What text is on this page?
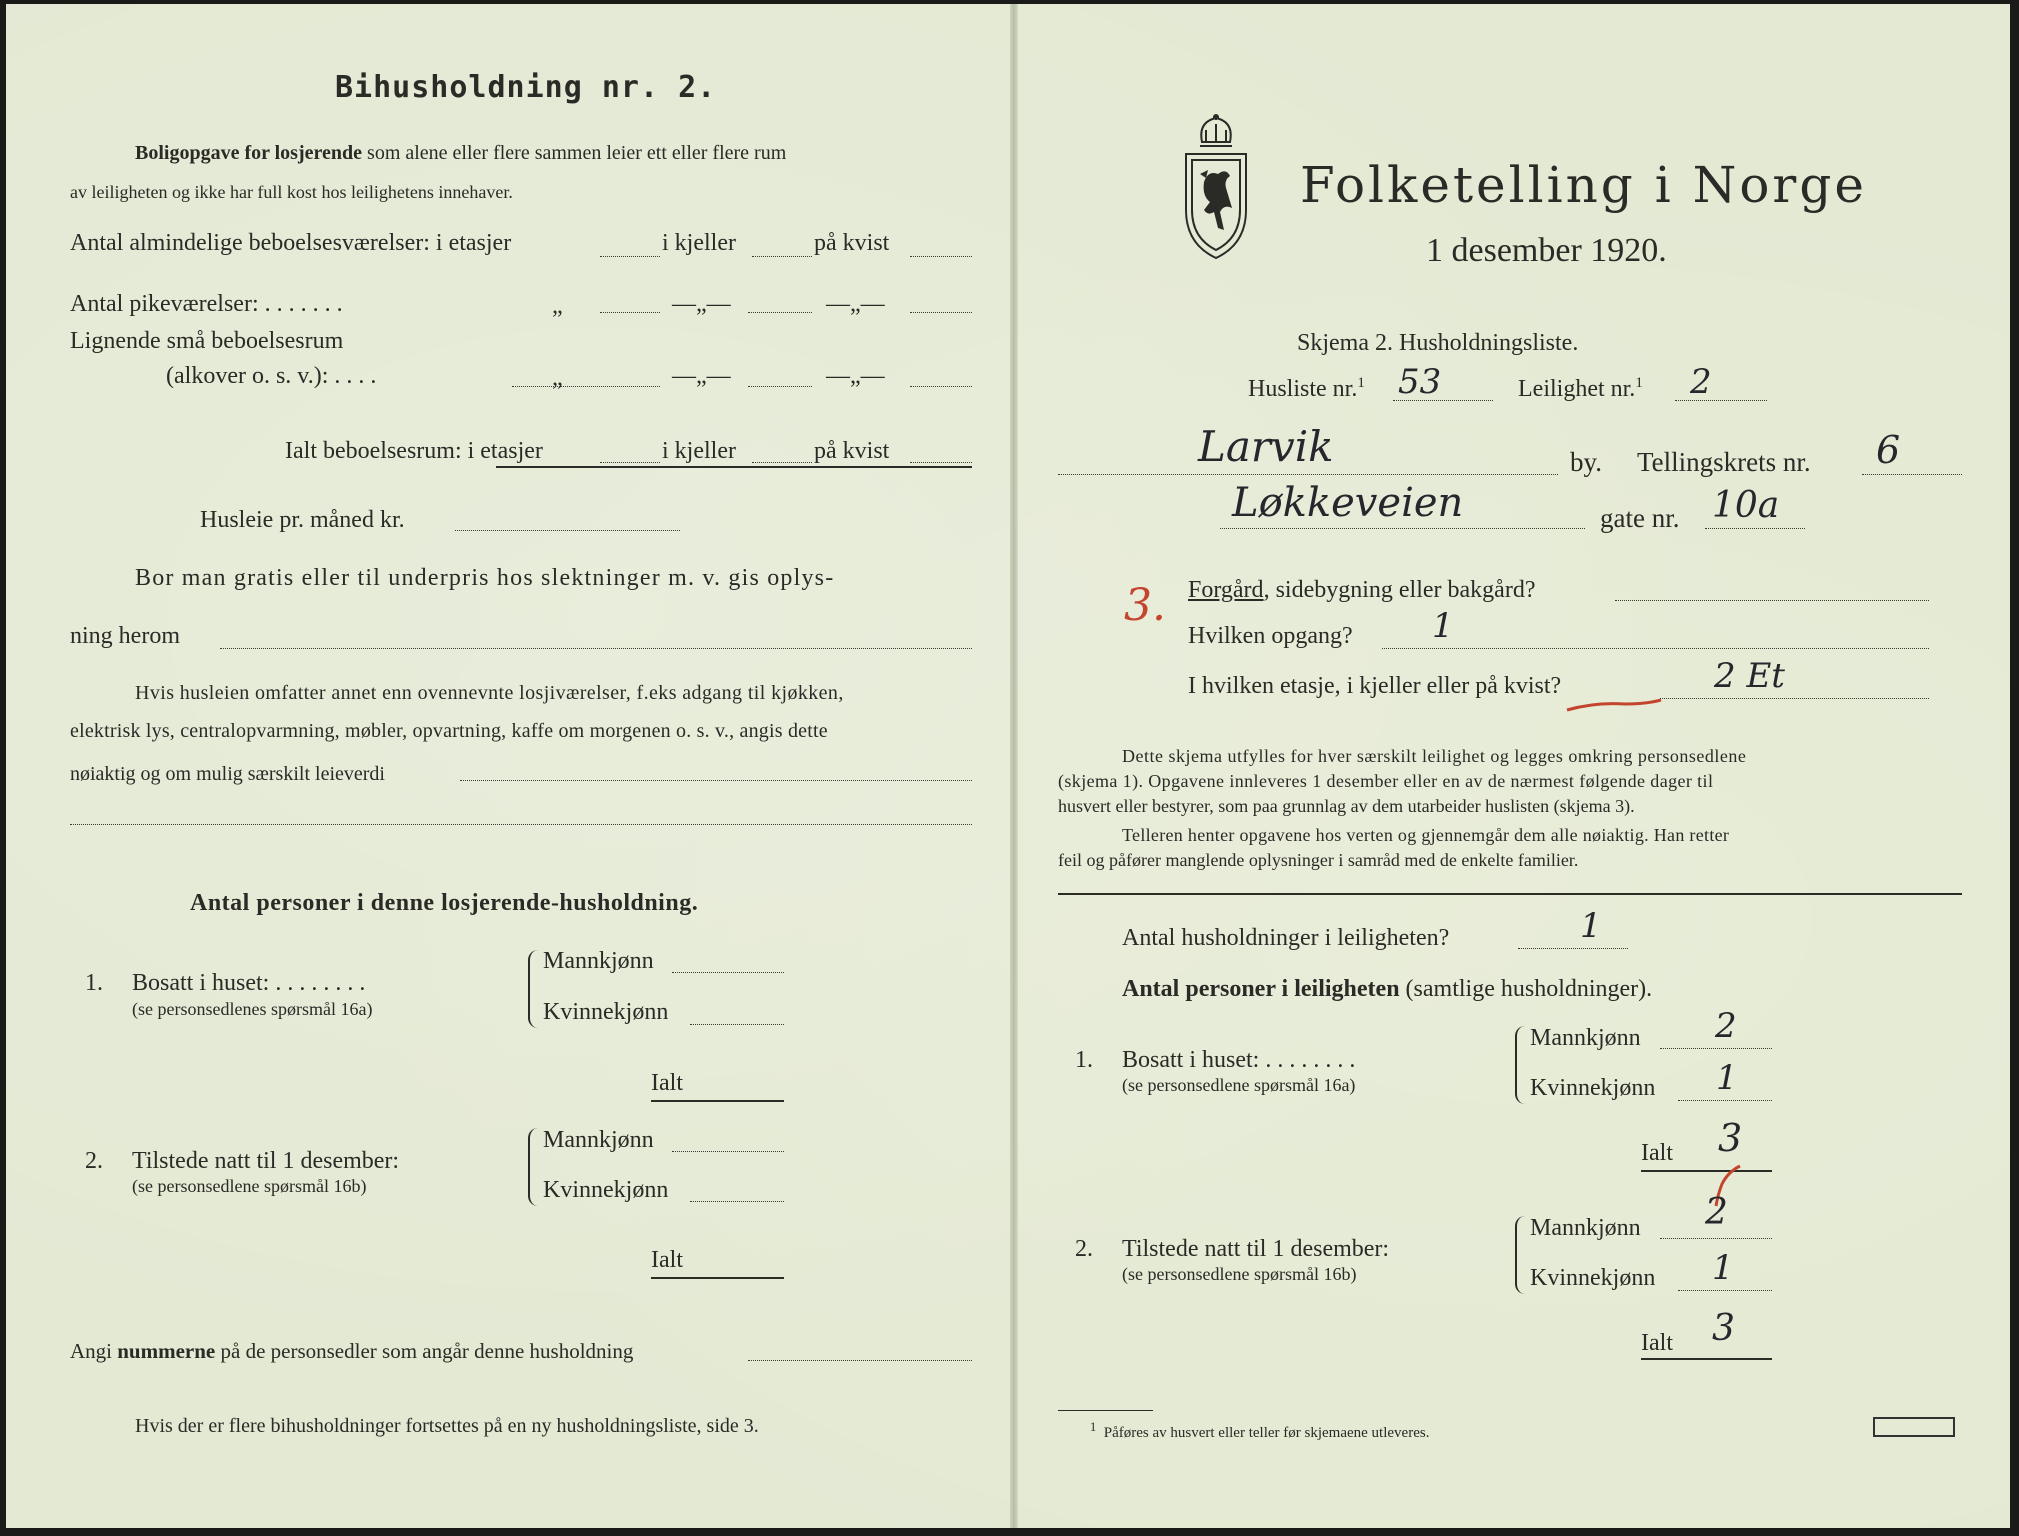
Bihusholdning nr. 2.
Boligopgave for losjerende som alene eller flere sammen leier ett eller flere rum
av leiligheten og ikke har full kost hos leilighetens innehaver.
Antal almindelige beboelsesværelser: i etasjer	i kjeller	på kvist
Antal pikeværelser: . . . . . . .	„	—„—	—„—
Lignende små beboelsesrum
(alkover o. s. v.): . . . .	„	—„—	—„—
Ialt beboelsesrum: i etasjer	i kjeller	på kvist
Husleie pr. måned kr.
Bor man gratis eller til underpris hos slektninger m. v. gis oplys-
ning herom
Hvis husleien omfatter annet enn ovennevnte losjiværelser, f.eks adgang til kjøkken,
elektrisk lys, centralopvarmning, møbler, opvartning, kaffe om morgenen o. s. v., angis dette
nøiaktig og om mulig særskilt leieverdi
Antal personer i denne losjerende-husholdning.
1. Bosatt i huset: . . . . . . . .
(se personsedlenes spørsmål 16a)
Mannkjønn
Kvinnekjønn
Ialt
2. Tilstede natt til 1 desember:
(se personsedlene spørsmål 16b)
Mannkjønn
Kvinnekjønn
Ialt
Angi nummerne på de personsedler som angår denne husholdning
Hvis der er flere bihusholdninger fortsettes på en ny husholdningsliste, side 3.
Folketelling i Norge
1 desember 1920.
Skjema 2. Husholdningsliste.
Husliste nr.$^1$ 53	Leilighet nr.$^1$ 2
Larvik	by. Tellingskrets nr. 6
Løkkeveien	gate nr. 10a
3. Forgård, sidebygning eller bakgård?
Hvilken opgang? 1
I hvilken etasje, i kjeller eller på kvist?	2 Et
Dette skjema utfylles for hver særskilt leilighet og legges omkring personsedlene
(skjema 1). Opgavene innleveres 1 desember eller en av de nærmest følgende dager til
husvert eller bestyrer, som paa grunnlag av dem utarbeider huslisten (skjema 3).
Telleren henter opgavene hos verten og gjennemgår dem alle nøiaktig. Han retter
feil og påfører manglende oplysninger i samråd med de enkelte familier.
Antal husholdninger i leiligheten?	1
Antal personer i leiligheten (samtlige husholdninger).
1. Bosatt i huset: . . . . . . . .
(se personsedlene spørsmål 16a)
Mannkjønn 2
Kvinnekjønn 1
Ialt 3
2. Tilstede natt til 1 desember:
(se personsedlene spørsmål 16b)
Mannkjønn 2
Kvinnekjønn 1
Ialt 3
$^1$ Påføres av husvert eller teller før skjemaene utleveres.
